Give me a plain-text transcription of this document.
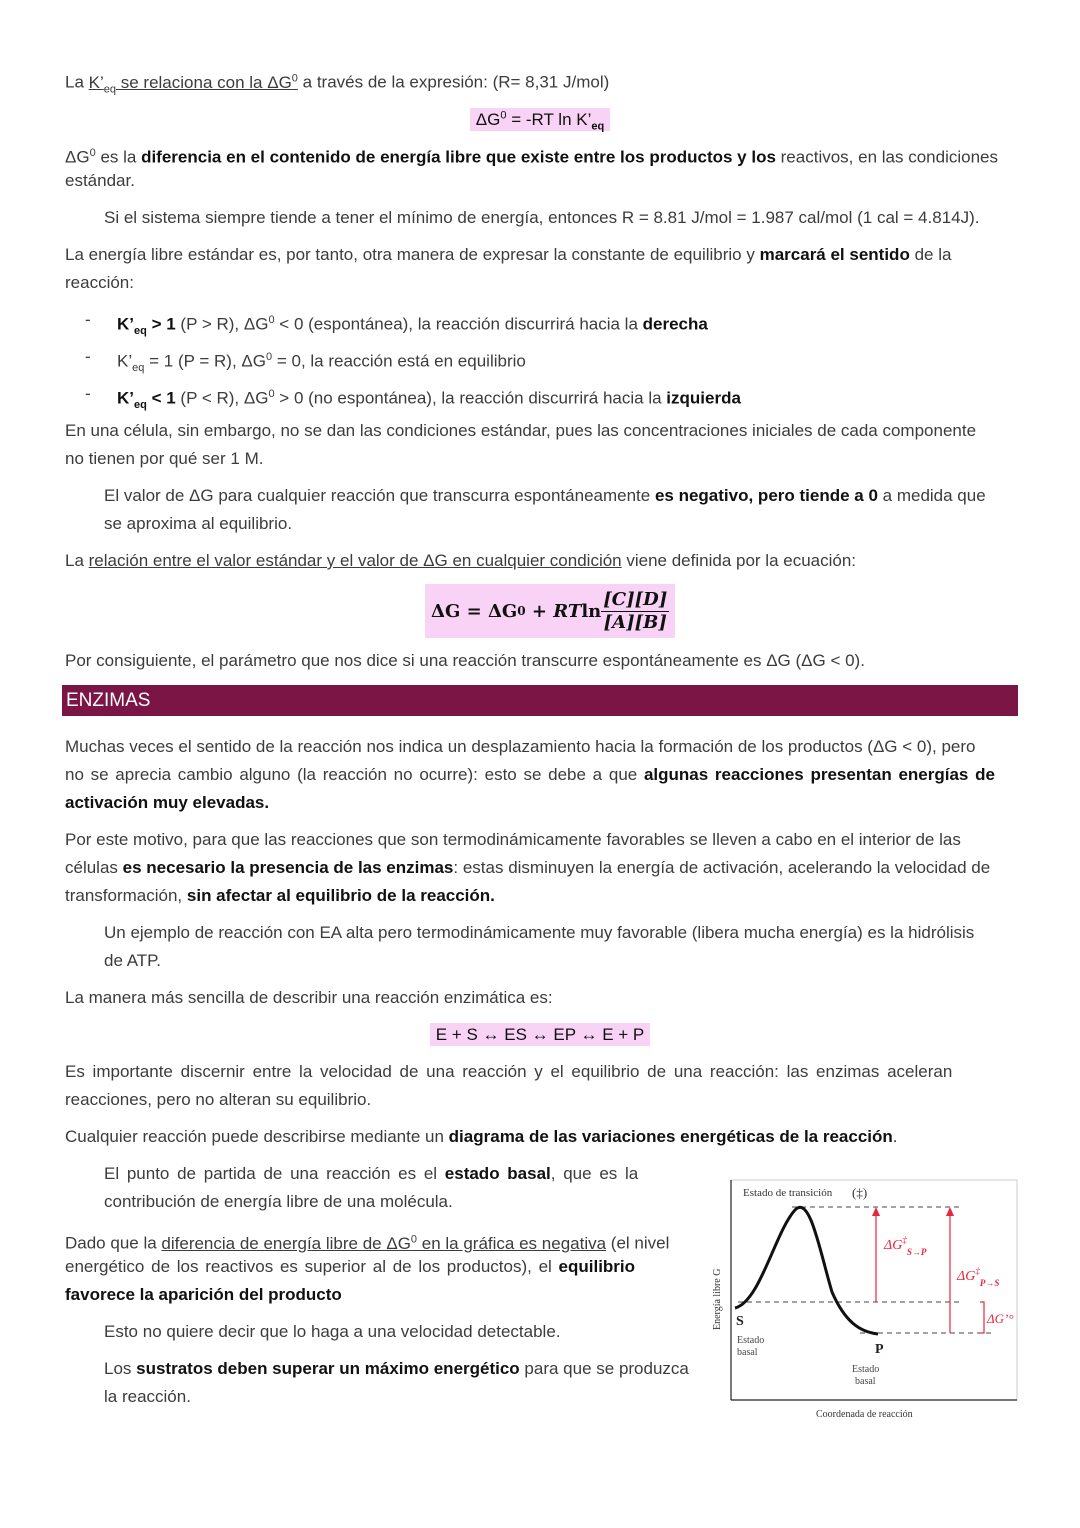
La $K’_{eq}$ se relaciona con la $\Delta G^0$ a través de la expresión: (R= 8,31 J/mol)
$\Delta G^0 = -RT$ $\ln K’_{eq}$
$\Delta G^0$ es la diferencia en el contenido de energía libre que existe entre los productos y los reactivos, en las condiciones
estándar.
Si el sistema siempre tiende a tener el mínimo de energía, entonces R = 8.81 J/mol = 1.987 cal/mol (1 cal = 4.814J).
La energía libre estándar es, por tanto, otra manera de expresar la constante de equilibrio y marcará el sentido de la
reacción:
- $K’_{eq} > 1$ (P > R), $\Delta G^0 < 0$ (espontánea), la reacción discurrirá hacia la derecha
- $K’_{eq} = 1$ (P = R), $\Delta G^0 = 0$, la reacción está en equilibrio
- $K’_{eq} < 1$ (P < R), $\Delta G^0 > 0$ (no espontánea), la reacción discurrirá hacia la izquierda
En una célula, sin embargo, no se dan las condiciones estándar, pues las concentraciones iniciales de cada componente
no tienen por qué ser 1 M.
El valor de ΔG para cualquier reacción que transcurra espontáneamente es negativo, pero tiende a 0 a medida que
se aproxima al equilibrio.
La relación entre el valor estándar y el valor de ΔG en cualquier condición viene definida por la ecuación:
ΔG = ΔG 0 + RT $\ln \frac{[C][D]}{[A][B]}$
Por consiguiente, el parámetro que nos dice si una reacción transcurre espontáneamente es ΔG (ΔG < 0).
ENZIMAS
Muchas veces el sentido de la reacción nos indica un desplazamiento hacia la formación de los productos (ΔG < 0), pero
no se aprecia cambio alguno (la reacción no ocurre): esto se debe a que algunas reacciones presentan energías de
activación muy elevadas.
Por este motivo, para que las reacciones que son termodinámicamente favorables se lleven a cabo en el interior de las
células es necesario la presencia de las enzimas: estas disminuyen la energía de activación, acelerando la velocidad de
transformación, sin afectar al equilibrio de la reacción.
Un ejemplo de reacción con EA alta pero termodinámicamente muy favorable (libera mucha energía) es la hidrólisis
de ATP.
La manera más sencilla de describir una reacción enzimática es:
E + S ↔ ES ↔ EP ↔ E + P
Es importante discernir entre la velocidad de una reacción y el equilibrio de una reacción: las enzimas aceleran
reacciones, pero no alteran su equilibrio.
Cualquier reacción puede describirse mediante un diagrama de las variaciones energéticas de la reacción.
El punto de partida de una reacción es el estado basal, que es la
contribución de energía libre de una molécula.
Dado que la diferencia de energía libre de $\Delta G^0$ en la gráfica es negativa (el nivel
energético de los reactivos es superior al de los productos), el equilibrio
favorece la aparición del producto
Esto no quiere decir que lo haga a una velocidad detectable.
Los sustratos deben superar un máximo energético para que se produzca
la reacción.
Estado de transición (‡)
$\Delta G^\ddagger_{S\to P}$
$\Delta G^\ddagger_{P\to S}$
ΔG’°
S
P
Estado
basal
Estado
basal
Coordenada de reacción
Energía libre G
